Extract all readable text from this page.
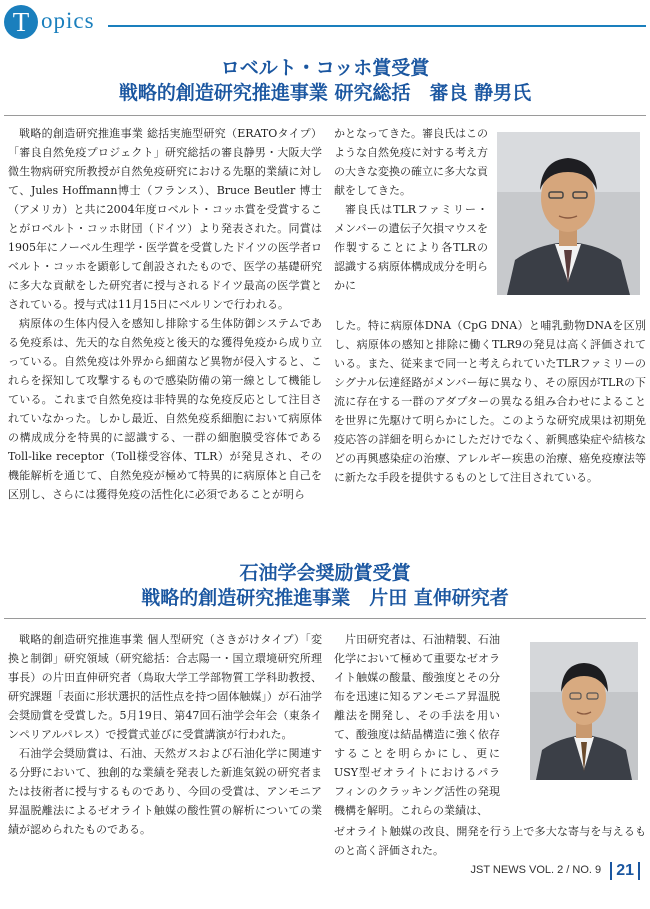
T opics
ロベルト・コッホ賞受賞
戦略的創造研究推進事業 研究総括　審良 静男氏

戦略的創造研究推進事業 総括実施型研究（ERATOタイプ）「審良自然免疫プロジェクト」研究総括の審良静男・大阪大学微生物病研究所教授が自然免疫研究における先駆的業績に対して、Jules Hoffmann博士（フランス）、Bruce Beutler 博士（アメリカ）と共に2004年度ロベルト・コッホ賞を受賞することがロベルト・コッホ財団（ドイツ）より発表された。同賞は1905年にノーベル生理学・医学賞を受賞したドイツの医学者ロベルト・コッホを顕彰して創設されたもので、医学の基礎研究に多大な貢献をした研究者に授与されるドイツ最高の医学賞とされている。授与式は11月15日にベルリンで行われる。

病原体の生体内侵入を感知し排除する生体防御システムである免疫系は、先天的な自然免疫と後天的な獲得免疫から成り立っている。自然免疫は外界から細菌など異物が侵入すると、これらを探知して攻撃するもので感染防備の第一線として機能している。これまで自然免疫は非特異的な免疫反応として注目されていなかった。しかし最近、自然免疫系細胞において病原体の構成成分を特異的に認識する、一群の細胞膜受容体であるToll-like receptor（Toll様受容体、TLR）が発見され、その機能解析を通じて、自然免疫が極めて特異的に病原体と自己を区別し、さらには獲得免疫の活性化に必須であることが明ら

かとなってきた。審良氏はこのような自然免疫に対する考え方の大きな変換の確立に多大な貢献をしてきた。

審良氏はTLRファミリー・メンバーの遺伝子欠損マウスを作製することにより各TLRの認識する病原体構成成分を明らかに

した。特に病原体DNA（CpG DNA）と哺乳動物DNAを区別し、病原体の感知と排除に働くTLR9の発見は高く評価されている。また、従来まで同一と考えられていたTLRファミリーのシグナル伝達経路がメンバー毎に異なり、その原因がTLRの下流に存在する一群のアダプターの異なる組み合わせによることを世界に先駆けて明らかにした。このような研究成果は初期免疫応答の詳細を明らかにしただけでなく、新興感染症や結核などの再興感染症の治療、アレルギー疾患の治療、癌免疫療法等に新たな手段を提供するものとして注目されている。

石油学会奨励賞受賞
戦略的創造研究推進事業　片田 直伸研究者

戦略的創造研究推進事業 個人型研究（さきがけタイプ）「変換と制御」研究領域（研究総括：合志陽一・国立環境研究所理事長）の片田直伸研究者（鳥取大学工学部物質工学科助教授、研究課題「表面に形状選択的活性点を持つ固体触媒」）が石油学会奨励賞を受賞した。5月19日、第47回石油学会年会（東条インペリアルパレス）で授賞式並びに受賞講演が行われた。

石油学会奨励賞は、石油、天然ガスおよび石油化学に関連する分野において、独創的な業績を発表した新進気鋭の研究者または技術者に授与するものであり、今回の受賞は、アンモニア昇温脱離法によるゼオライト触媒の酸性質の解析についての業績が認められたものである。

片田研究者は、石油精製、石油化学において極めて重要なゼオライト触媒の酸量、酸強度とその分布を迅速に知るアンモニア昇温脱離法を開発し、その手法を用いて、酸強度は結晶構造に強く依存することを明らかにし、更にUSY型ゼオライトにおけるパラフィンのクラッキング活性の発現機構を解明。これらの業績は、

ゼオライト触媒の改良、開発を行う上で多大な寄与を与えるものと高く評価された。

JST NEWS VOL. 2 / NO. 9 21
